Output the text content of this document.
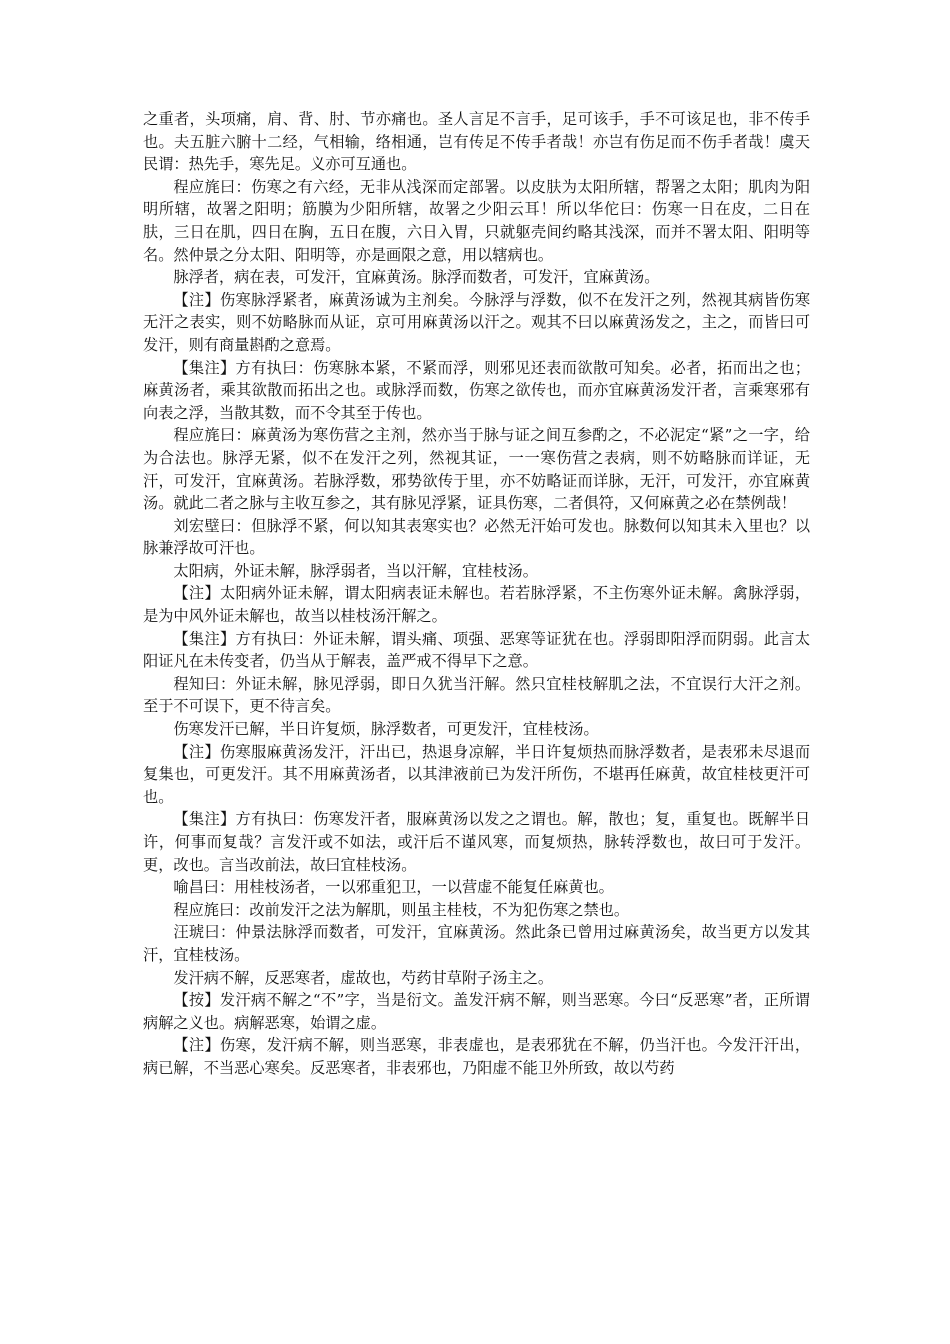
之重者，头项痛，肩、背、肘、节亦痛也。圣人言足不言手，足可该手，手不可该足也，非不传手也。夫五脏六腑十二经，气相输，络相通，岂有传足不传手者哉！亦岂有伤足而不伤手者哉！虞天民谓：热先手，寒先足。义亦可互通也。

程应旄曰：伤寒之有六经，无非从浅深而定部署。以皮肤为太阳所辖，帮署之太阳；肌肉为阳明所辖，故署之阳明；筋膜为少阳所辖，故署之少阳云耳！所以华佗曰：伤寒一日在皮，二日在肤，三日在肌，四日在胸，五日在腹，六日入胃，只就躯壳间约略其浅深，而并不署太阳、阳明等名。然仲景之分太阳、阳明等，亦是画限之意，用以辖病也。

脉浮者，病在表，可发汗，宜麻黄汤。脉浮而数者，可发汗，宜麻黄汤。

【注】伤寒脉浮紧者，麻黄汤诚为主剂矣。今脉浮与浮数，似不在发汗之列，然视其病皆伤寒无汗之表实，则不妨略脉而从证，京可用麻黄汤以汗之。观其不曰以麻黄汤发之，主之，而皆曰可发汗，则有商量斟酌之意焉。

【集注】方有执曰：伤寒脉本紧，不紧而浮，则邪见还表而欲散可知矣。必者，拓而出之也；麻黄汤者，乘其欲散而拓出之也。或脉浮而数，伤寒之欲传也，而亦宜麻黄汤发汗者，言乘寒邪有向表之浮，当散其数，而不令其至于传也。

程应旄曰：麻黄汤为寒伤营之主剂，然亦当于脉与证之间互参酌之，不必泥定“紧”之一字，给为合法也。脉浮无紧，似不在发汗之列，然视其证，一一寒伤营之表病，则不妨略脉而详证，无汗，可发汗，宜麻黄汤。若脉浮数，邪势欲传于里，亦不妨略证而详脉，无汗，可发汗，亦宜麻黄汤。就此二者之脉与主收互参之，其有脉见浮紧，证具伤寒，二者俱符，又何麻黄之必在禁例哉！

刘宏壁曰：但脉浮不紧，何以知其表寒实也？必然无汗始可发也。脉数何以知其未入里也？以脉兼浮故可汗也。

太阳病，外证未解，脉浮弱者，当以汗解，宜桂枝汤。

【注】太阳病外证未解，谓太阳病表证未解也。若若脉浮紧，不主伤寒外证未解。禽脉浮弱，是为中风外证未解也，故当以桂枝汤汗解之。

【集注】方有执曰：外证未解，谓头痛、项强、恶寒等证犹在也。浮弱即阳浮而阴弱。此言太阳证凡在未传变者，仍当从于解表，盖严戒不得早下之意。

程知曰：外证未解，脉见浮弱，即日久犹当汗解。然只宜桂枝解肌之法，不宜误行大汗之剂。至于不可误下，更不待言矣。

伤寒发汗已解，半日许复烦，脉浮数者，可更发汗，宜桂枝汤。

【注】伤寒服麻黄汤发汗，汗出已，热退身凉解，半日许复烦热而脉浮数者，是表邪未尽退而复集也，可更发汗。其不用麻黄汤者，以其津液前已为发汗所伤，不堪再任麻黄，故宜桂枝更汗可也。

【集注】方有执曰：伤寒发汗者，服麻黄汤以发之之谓也。解，散也；复，重复也。既解半日许，何事而复哉？言发汗或不如法，或汗后不谨风寒，而复烦热，脉转浮数也，故曰可于发汗。更，改也。言当改前法，故曰宜桂枝汤。

喻昌曰：用桂枝汤者，一以邪重犯卫，一以营虚不能复任麻黄也。

程应旄曰：改前发汗之法为解肌，则虽主桂枝，不为犯伤寒之禁也。

汪琥曰：仲景法脉浮而数者，可发汗，宜麻黄汤。然此条已曾用过麻黄汤矣，故当更方以发其汗，宜桂枝汤。

发汗病不解，反恶寒者，虚故也，芍药甘草附子汤主之。

【按】发汗病不解之“不”字，当是衍文。盖发汗病不解，则当恶寒。今曰“反恶寒”者，正所谓病解之义也。病解恶寒，始谓之虚。

【注】伤寒，发汗病不解，则当恶寒，非表虚也，是表邪犹在不解，仍当汗也。今发汗汗出，病已解，不当恶心寒矣。反恶寒者，非表邪也，乃阳虚不能卫外所致，故以芍药
